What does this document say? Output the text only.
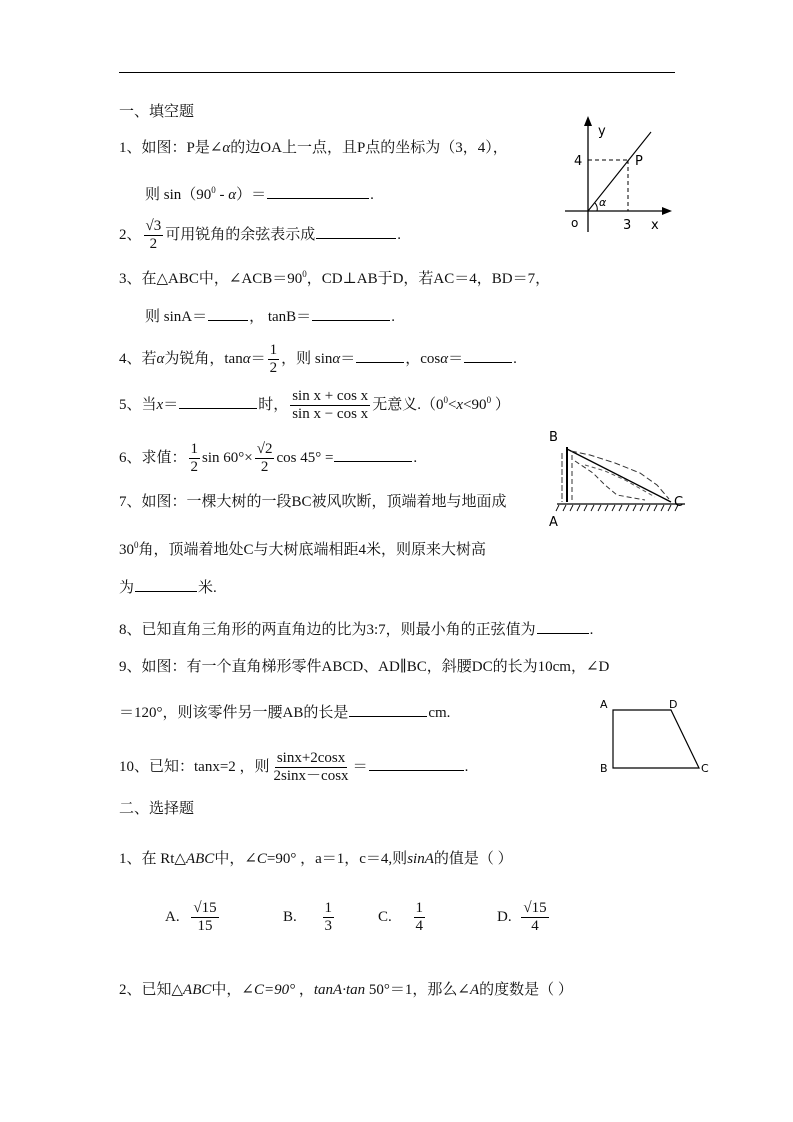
一、填空题
1、如图：P是∠α的边OA上一点，且P点的坐标为（3，4），
则 $\sin(90^0 - \alpha)=$	.
2、 $\frac{√3}{2}$ 可用锐角的余弦表示成	.
3、在△ABC中，$\angle ACB=90^0$，CD⊥AB于D，若AC＝4，BD＝7，
则 sinA＝	， tanB＝	.
4、若α为锐角，$\tan\alpha= \frac{1}{2}$ ，则 sinα＝	，cosα＝	.
5、当x＝	时， $\frac{\text{sin x + cos x}}{\text{sin x − cos x}}$ 无意义$.(0^0<x<90^0$ ）
6、求值： $\frac{1}{2}$ $\sin 60^\circ\times \frac{√2}{2}$ cos 45° =	.
7、如图：一棵大树的一段BC被风吹断，顶端着地与地面成
$30^0$角，顶端着地处C与大树底端相距4米，则原来大树高
为	米.
8、已知直角三角形的两直角边的比为3:7，则最小角的正弦值为	.
9、如图：有一个直角梯形零件ABCD、AD∥BC，斜腰DC的长为10cm，∠D
＝120°，则该零件另一腰AB的长是	cm.
10、已知：tanx=2 ，则 $\frac{\sin x+2\cos x}{2\sin x-\cos x}$ ＝	.
二、选择题
1、在 Rt△ABC中，∠C=90° ，a＝1，c＝4,则sinA的值是（ ）
A. $\frac{√15}{15}$	B. $\frac{1}{3}$	C. $\frac{1}{4}$	D. $\frac{√15}{4}$
2、已知△ABC中，∠C=90° ，tanA·tan 50°＝1，那么∠A的度数是（ ）
y
4	P
α
o	3 x
B
C
A
A	D
B	C
